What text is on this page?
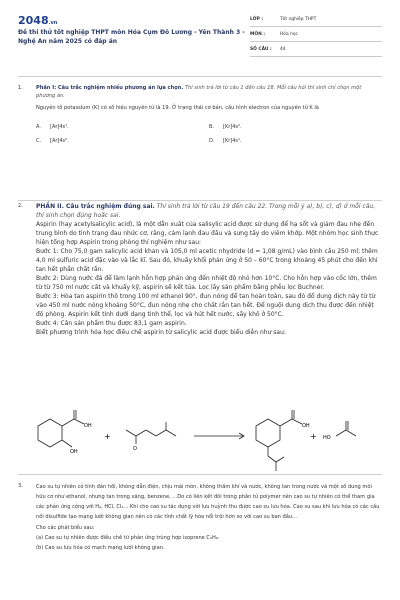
2048.vn
Đề thi thử tốt nghiệp THPT môn Hóa Cụm Đô Lương - Yên Thành 3 - Nghệ An năm 2025 có đáp án
LỚP :	Tốt nghiệp THPT
MÔN :	Hóa học
SỐ CÂU :	44
1.	Phần I: Câu trắc nghiệm nhiều phương án lựa chọn. Thí sinh trả lời từ câu 1 đến câu 18. Mỗi câu hỏi thí sinh chỉ chọn một phương án.
Nguyên tố potassium (K) có số hiệu nguyên tử là 19. Ở trạng thái cơ bản, cấu hình electron của nguyên tử K là
A.	[Ar]4s¹.	B.	[Kr]4s².
C.	[Ar]4s².	D.	[Kr]4s¹.
2.	PHẦN II. Câu trắc nghiệm đúng sai. Thí sinh trả lời từ câu 19 đến câu 22. Trong mỗi ý a), b), c), d) ở mỗi câu, thí sinh chọn đúng hoặc sai.
Aspirin (hay acetylsalicylic acid), là một dẫn xuất của salisylic acid được sử dụng để hạ sốt và giảm đau nhẹ đến trung bình do tình trạng đau nhức cơ, răng, cảm lạnh đau đầu và sưng tấy do viêm khớp. Một nhóm học sinh thực hiện tổng hợp Aspirin trong phòng thí nghiệm như sau:
Bước 1: Cho 75,0 gam salicylic acid khan và 105,0 ml acetic nhydride (d = 1,08 g/mL) vào bình cầu 250 ml; thêm 4,0 ml sulfuric acid đặc vào và lắc kĩ. Sau đó, khuấy khối phản ứng ở 50 – 60°C trong khoảng 45 phút cho đến khi tan hết phần chất rắn.
Bước 2: Dùng nước đá để làm lạnh hỗn hợp phản ứng đến nhiệt độ nhỏ hơn 10°C. Cho hỗn hợp vào cốc lớn, thêm từ từ 750 ml nước cất và khuấy kỹ, aspirin sẽ kết tủa. Lọc lấy sản phẩm bằng phễu lọc Buchner.
Bước 3: Hòa tan aspirin thô trong 100 ml ethanol 90°, đun nóng để tan hoàn toàn, sau đó đổ dung dịch này từ từ vào 450 ml nước nóng khoảng 50°C, đun nóng nhẹ cho chất rắn tan hết. Để nguội dung dịch thu được đến nhiệt độ phòng. Aspirin kết tinh dưới dạng tinh thể, lọc và hút hết nước, sấy khô ở 50°C.
Bước 4: Cân sản phẩm thu được 83,1 gam aspirin.
Biết phương trình hóa học điều chế aspirin từ salicylic acid được biểu diễn như sau:
OH
OH
+
O
OH
+ HO
3.	Cao su tự nhiên có tính đàn hồi, không dẫn điện, chịu mài mòn, không thấm khí và nước, không tan trong nước và một số dung môi hữu cơ như ethanol, nhưng tan trong xăng, benzene, ...Do có liên kết đôi trong phân tử polymer nên cao su tự nhiên có thể tham gia các phản ứng cộng với H₂, HCl, Cl₂... Khi cho cao su tác dụng với lưu huỳnh thu được cao su lưu hóa. Cao su sau khi lưu hóa có các cầu nối disulfide tạo mạng lưới không gian nên có các tính chất lý hóa nổi trội hơn so với cao su ban đầu...
Cho các phát biểu sau:
(a) Cao su tự nhiên được điều chế từ phản ứng trùng hợp isoprene C₅H₈.
(b) Cao su lưu hóa có mạch mạng lưới không gian.
